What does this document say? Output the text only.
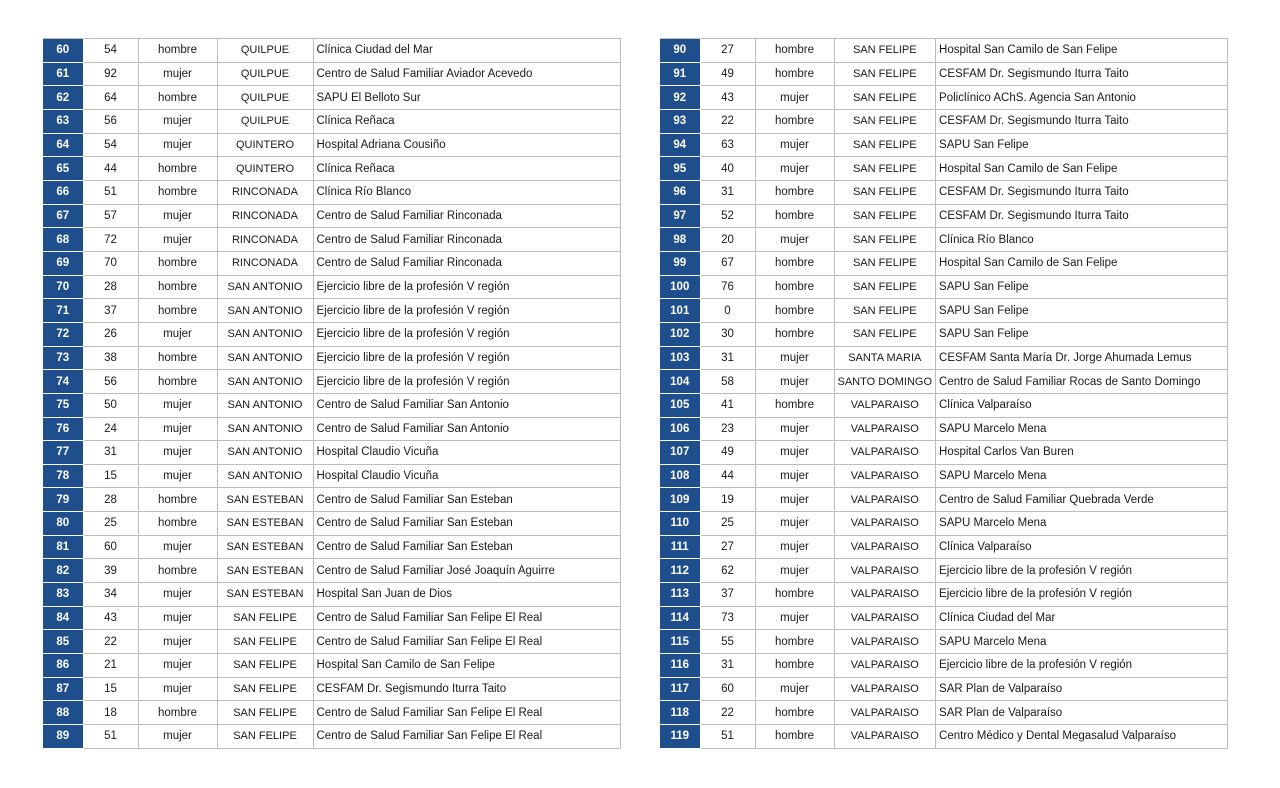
60	54	hombre	QUILPUE	Clínica Ciudad del Mar
61	92	mujer	QUILPUE	Centro de Salud Familiar Aviador Acevedo
62	64	hombre	QUILPUE	SAPU El Belloto Sur
63	56	mujer	QUILPUE	Clínica Reñaca
64	54	mujer	QUINTERO	Hospital Adriana Cousiño
65	44	hombre	QUINTERO	Clínica Reñaca
66	51	hombre	RINCONADA	Clínica Río Blanco
67	57	mujer	RINCONADA	Centro de Salud Familiar Rinconada
68	72	mujer	RINCONADA	Centro de Salud Familiar Rinconada
69	70	hombre	RINCONADA	Centro de Salud Familiar Rinconada
70	28	hombre	SAN ANTONIO	Ejercicio libre de la profesión V región
71	37	hombre	SAN ANTONIO	Ejercicio libre de la profesión V región
72	26	mujer	SAN ANTONIO	Ejercicio libre de la profesión V región
73	38	hombre	SAN ANTONIO	Ejercicio libre de la profesión V región
74	56	hombre	SAN ANTONIO	Ejercicio libre de la profesión V región
75	50	mujer	SAN ANTONIO	Centro de Salud Familiar San Antonio
76	24	mujer	SAN ANTONIO	Centro de Salud Familiar San Antonio
77	31	mujer	SAN ANTONIO	Hospital Claudio Vicuña
78	15	mujer	SAN ANTONIO	Hospital Claudio Vicuña
79	28	hombre	SAN ESTEBAN	Centro de Salud Familiar San Esteban
80	25	hombre	SAN ESTEBAN	Centro de Salud Familiar San Esteban
81	60	mujer	SAN ESTEBAN	Centro de Salud Familiar San Esteban
82	39	hombre	SAN ESTEBAN	Centro de Salud Familiar José Joaquín Aguirre
83	34	mujer	SAN ESTEBAN	Hospital San Juan de Dios
84	43	mujer	SAN FELIPE	Centro de Salud Familiar San Felipe El Real
85	22	mujer	SAN FELIPE	Centro de Salud Familiar San Felipe El Real
86	21	mujer	SAN FELIPE	Hospital San Camilo de San Felipe
87	15	mujer	SAN FELIPE	CESFAM Dr. Segismundo Iturra Taito
88	18	hombre	SAN FELIPE	Centro de Salud Familiar San Felipe El Real
89	51	mujer	SAN FELIPE	Centro de Salud Familiar San Felipe El Real
90	27	hombre	SAN FELIPE	Hospital San Camilo de San Felipe
91	49	hombre	SAN FELIPE	CESFAM Dr. Segismundo Iturra Taito
92	43	mujer	SAN FELIPE	Policlínico AChS. Agencia San Antonio
93	22	hombre	SAN FELIPE	CESFAM Dr. Segismundo Iturra Taito
94	63	mujer	SAN FELIPE	SAPU San Felipe
95	40	mujer	SAN FELIPE	Hospital San Camilo de San Felipe
96	31	hombre	SAN FELIPE	CESFAM Dr. Segismundo Iturra Taito
97	52	hombre	SAN FELIPE	CESFAM Dr. Segismundo Iturra Taito
98	20	mujer	SAN FELIPE	Clínica Río Blanco
99	67	hombre	SAN FELIPE	Hospital San Camilo de San Felipe
100	76	hombre	SAN FELIPE	SAPU San Felipe
101	0	hombre	SAN FELIPE	SAPU San Felipe
102	30	hombre	SAN FELIPE	SAPU San Felipe
103	31	mujer	SANTA MARIA	CESFAM Santa María Dr. Jorge Ahumada Lemus
104	58	mujer	SANTO DOMINGO	Centro de Salud Familiar Rocas de Santo Domingo
105	41	hombre	VALPARAISO	Clínica Valparaíso
106	23	mujer	VALPARAISO	SAPU Marcelo Mena
107	49	mujer	VALPARAISO	Hospital Carlos Van Buren
108	44	mujer	VALPARAISO	SAPU Marcelo Mena
109	19	mujer	VALPARAISO	Centro de Salud Familiar Quebrada Verde
110	25	mujer	VALPARAISO	SAPU Marcelo Mena
111	27	mujer	VALPARAISO	Clínica Valparaíso
112	62	mujer	VALPARAISO	Ejercicio libre de la profesión V región
113	37	hombre	VALPARAISO	Ejercicio libre de la profesión V región
114	73	mujer	VALPARAISO	Clínica Ciudad del Mar
115	55	hombre	VALPARAISO	SAPU Marcelo Mena
116	31	hombre	VALPARAISO	Ejercicio libre de la profesión V región
117	60	mujer	VALPARAISO	SAR Plan de Valparaíso
118	22	hombre	VALPARAISO	SAR Plan de Valparaíso
119	51	hombre	VALPARAISO	Centro Médico y Dental Megasalud Valparaíso
